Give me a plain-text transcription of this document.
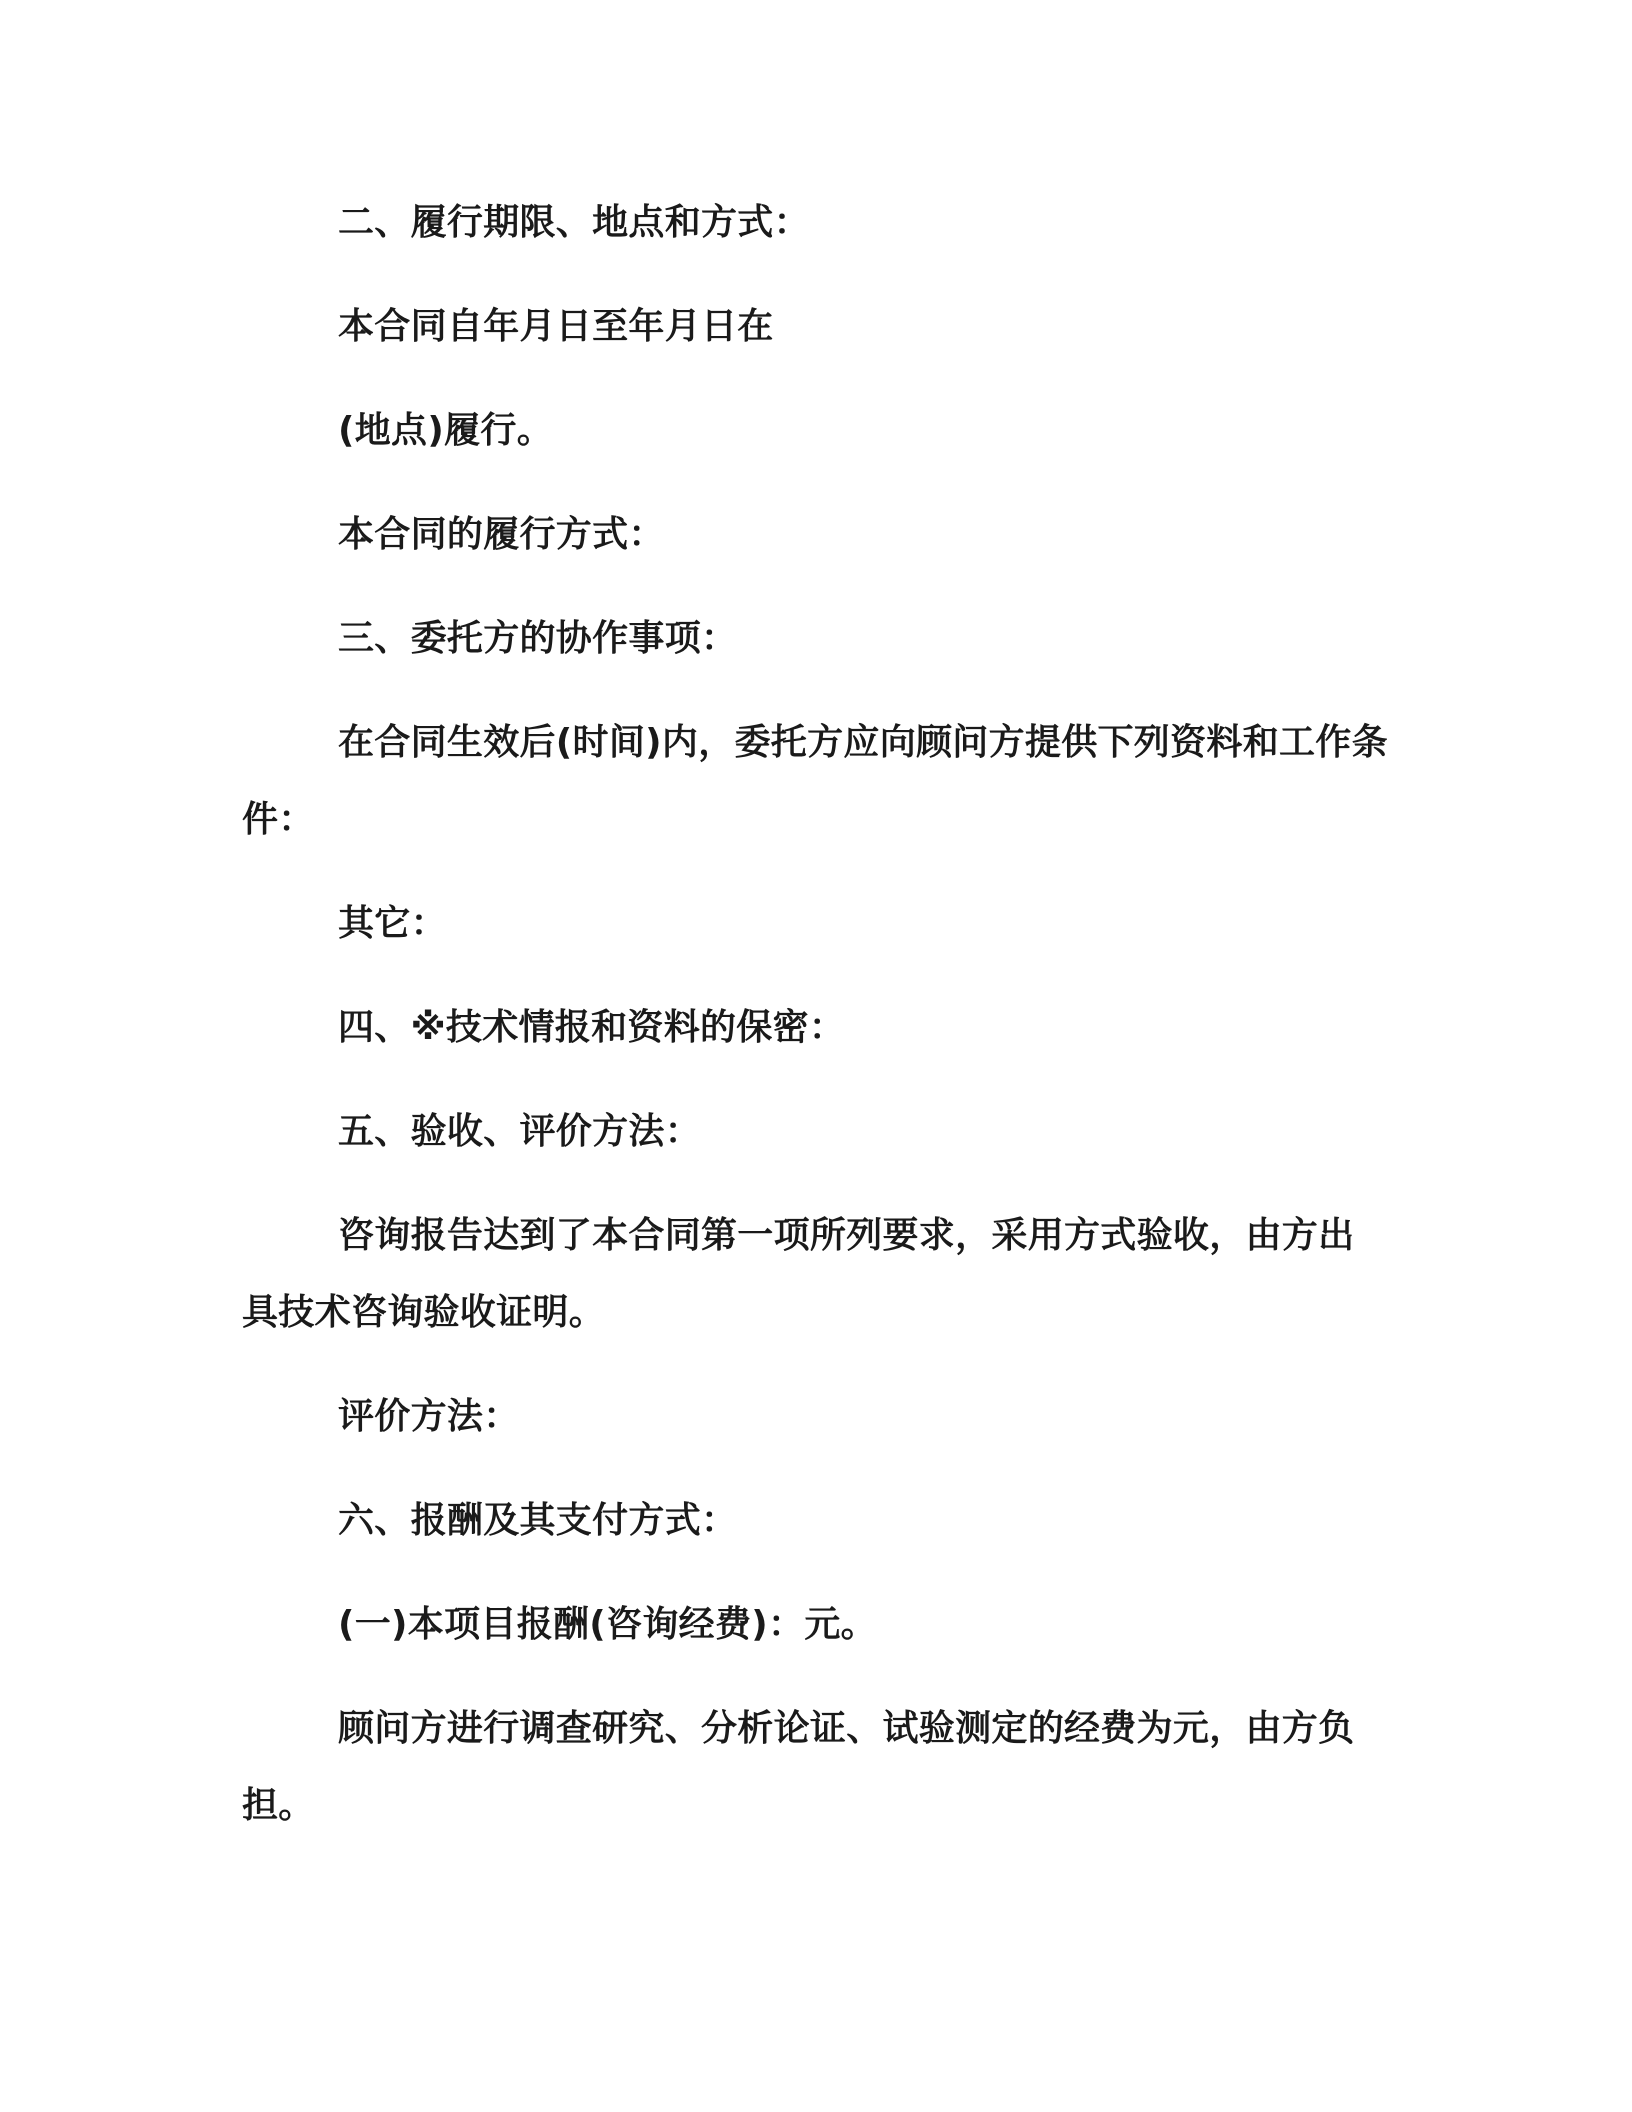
二、履行期限、地点和方式：

本合同自年月日至年月日在

(地点)履行。

本合同的履行方式：

三、委托方的协作事项：

在合同生效后(时间)内，委托方应向顾问方提供下列资料和工作条件：

其它：

四、※技术情报和资料的保密：

五、验收、评价方法：

咨询报告达到了本合同第一项所列要求，采用方式验收，由方出具技术咨询验收证明。

评价方法：

六、报酬及其支付方式：

(一)本项目报酬(咨询经费)：元。

顾问方进行调查研究、分析论证、试验测定的经费为元，由方负担。
